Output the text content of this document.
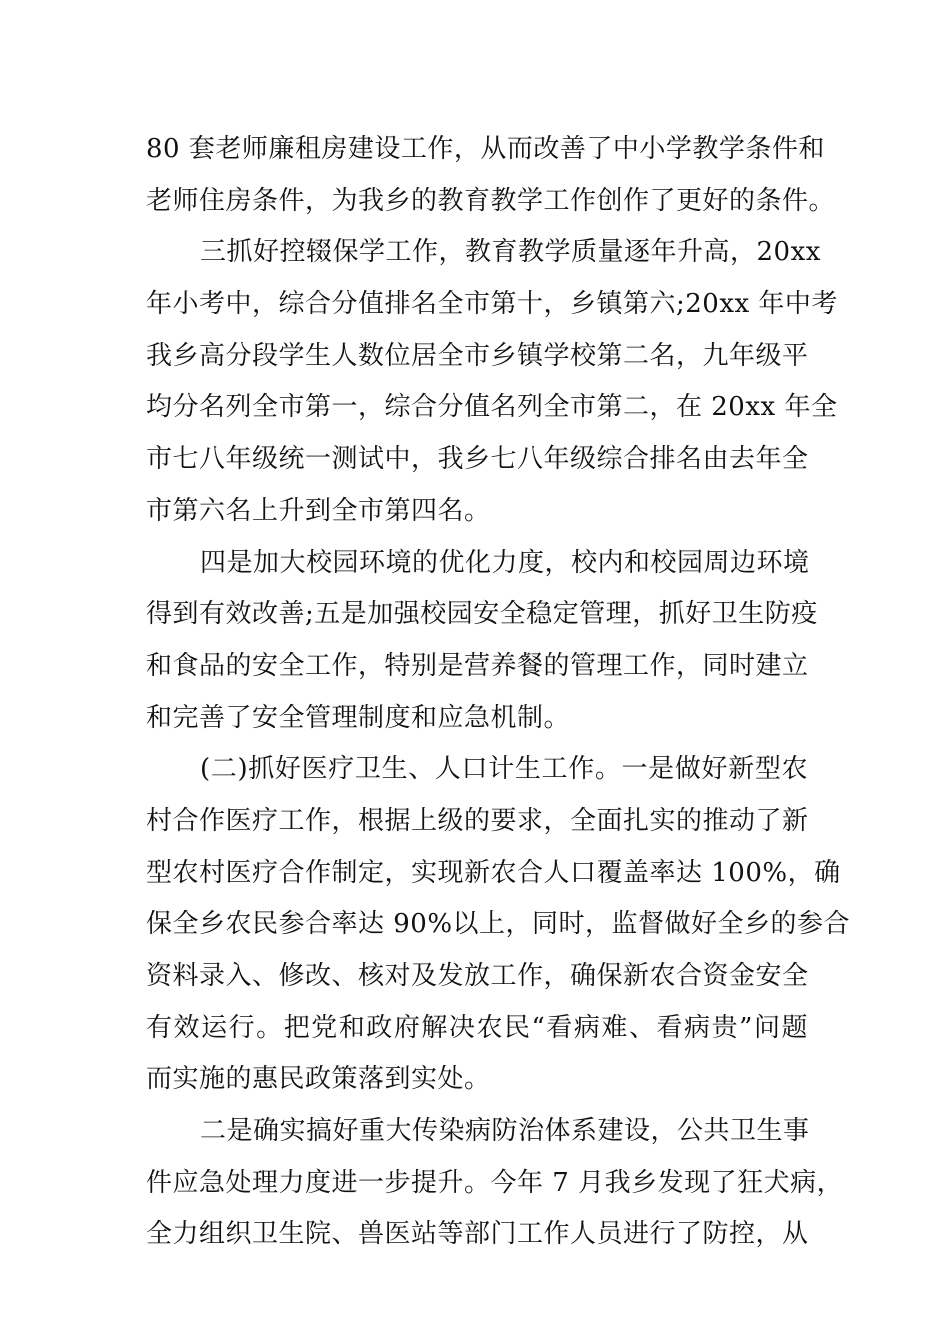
80 套老师廉租房建设工作，从而改善了中小学教学条件和
老师住房条件，为我乡的教育教学工作创作了更好的条件。
三抓好控辍保学工作，教育教学质量逐年升高，20xx
年小考中，综合分值排名全市第十，乡镇第六;20xx 年中考
我乡高分段学生人数位居全市乡镇学校第二名，九年级平
均分名列全市第一，综合分值名列全市第二，在 20xx 年全
市七八年级统一测试中，我乡七八年级综合排名由去年全
市第六名上升到全市第四名。
四是加大校园环境的优化力度，校内和校园周边环境
得到有效改善;五是加强校园安全稳定管理，抓好卫生防疫
和食品的安全工作，特别是营养餐的管理工作，同时建立
和完善了安全管理制度和应急机制。
(二)抓好医疗卫生、人口计生工作。一是做好新型农
村合作医疗工作，根据上级的要求，全面扎实的推动了新
型农村医疗合作制定，实现新农合人口覆盖率达 100%，确
保全乡农民参合率达 90%以上，同时，监督做好全乡的参合
资料录入、修改、核对及发放工作，确保新农合资金安全
有效运行。把党和政府解决农民“看病难、看病贵”问题
而实施的惠民政策落到实处。
二是确实搞好重大传染病防治体系建设，公共卫生事
件应急处理力度进一步提升。今年 7 月我乡发现了狂犬病，
全力组织卫生院、兽医站等部门工作人员进行了防控，从
